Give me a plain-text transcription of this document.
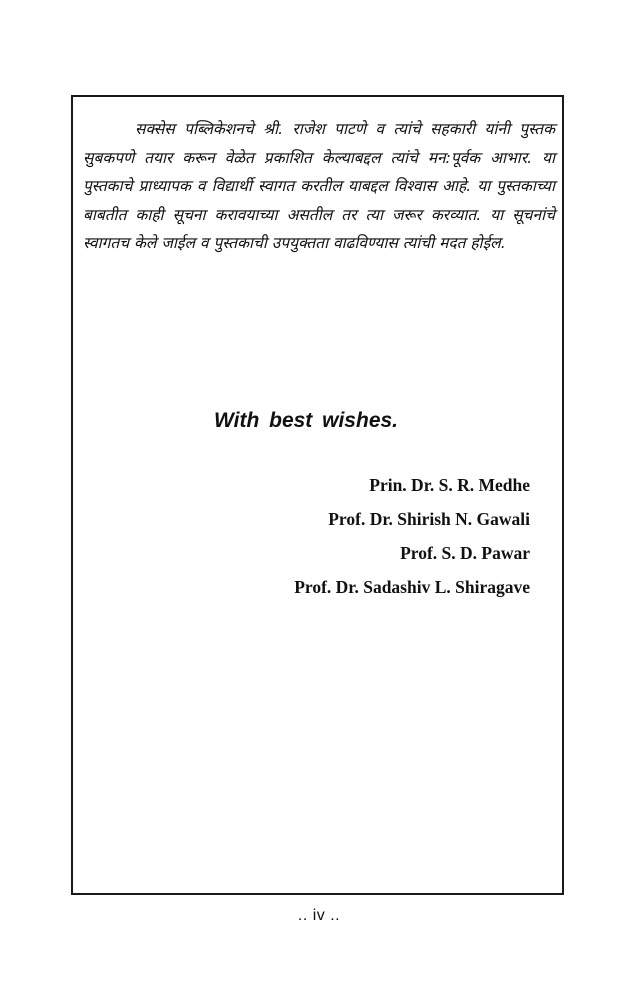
सक्सेस पब्लिकेशनचे श्री. राजेश पाटणे व त्यांचे सहकारी यांनी पुस्तक सुबकपणे तयार करून वेळेत प्रकाशित केल्याबद्दल त्यांचे मन:पूर्वक आभार. या पुस्तकाचे प्राध्यापक व विद्यार्थी स्वागत करतील याबद्दल विश्वास आहे. या पुस्तकाच्या बाबतीत काही सूचना करावयाच्या असतील तर त्या जरूर करव्यात. या सूचनांचे स्वागतच केले जाईल व पुस्तकाची उपयुक्तता वाढविण्यास त्यांची मदत होईल.

With best wishes.

Prin. Dr. S. R. Medhe
Prof. Dr. Shirish N. Gawali
Prof. S. D. Pawar
Prof. Dr. Sadashiv L. Shiragave
.. iv ..
